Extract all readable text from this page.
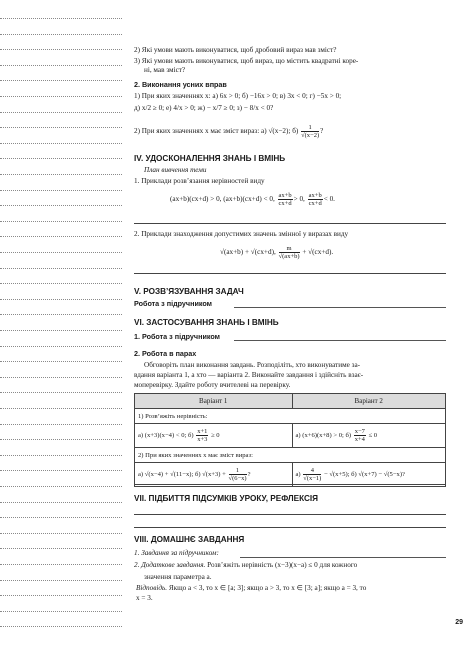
2) Які умови мають виконуватися, щоб дробовий вираз мав зміст?
3) Які умови мають виконуватися, щоб вираз, що містить квадратні коре-
ні, мав зміст?
2. Виконання усних вправ
1) При яких значеннях x: а) 6x > 0; б) −16x > 0; в) 3x < 0; г) −5x > 0;
д) x/2 ≥ 0; е) 4/x > 0; ж) − x/7 ≥ 0; з) − 8/x < 0?
2) При яких значеннях x має зміст вираз: а) √(x−2); $б) \frac{1}{√(x-2)}$ ?
IV. УДОСКОНАЛЕННЯ ЗНАНЬ І ВМІНЬ
План вивчення теми
1. Приклади розв’язання нерівностей виду
(ax+b)(cx+d) > 0, (ax+b)(cx+d) < 0, $\frac{ax+b}{cx+d} > 0$, $\frac{ax+b}{cx+d} < 0$.
2. Приклади знаходження допустимих значень змінної у виразах виду
√(ax+b) + √(cx+d), $\frac{m}{√(ax+b)} + √(cx+d)$.
V. РОЗВ’ЯЗУВАННЯ ЗАДАЧ
Робота з підручником
VI. ЗАСТОСУВАННЯ ЗНАНЬ І ВМІНЬ
1. Робота з підручником
2. Робота в парах
Обговоріть план виконання завдань. Розподіліть, хто виконуватиме за-
вдання варіанта 1, а хто — варіанта 2. Виконайте завдання і здійсніть взає-
моперевірку. Здайте роботу вчителеві на перевірку.
Варіант 1	Варіант 2
1) Розв’яжіть нерівність:	
а) (x+3)(x−4) < 0; $б) \frac{x+1}{x+3} \ge 0$	а) (x+6)(x+8) > 0; $б) \frac{x-7}{x+4} \le 0$
2) При яких значеннях x має зміст вираз:	
а) √(x−4) + √(11−x); б) $√(x+3) + \frac{1}{√(6-x)}$ ?	$а) \frac{4}{√(x-1)} - √(x+5)$; б) √(x+7) − √(5−x)?
VII. ПІДБИТТЯ ПІДСУМКІВ УРОКУ, РЕФЛЕКСІЯ
VIII. ДОМАШНЄ ЗАВДАННЯ
1. Завдання за підручником:
2. Додаткове завдання. Розв’яжіть нерівність (x−3)(x−a) ≤ 0 для кожного
значення параметра a.
Відповідь. Якщо a < 3, то x ∈ [a; 3]; якщо a > 3, то x ∈ [3; a]; якщо a = 3, то
x = 3.
29
